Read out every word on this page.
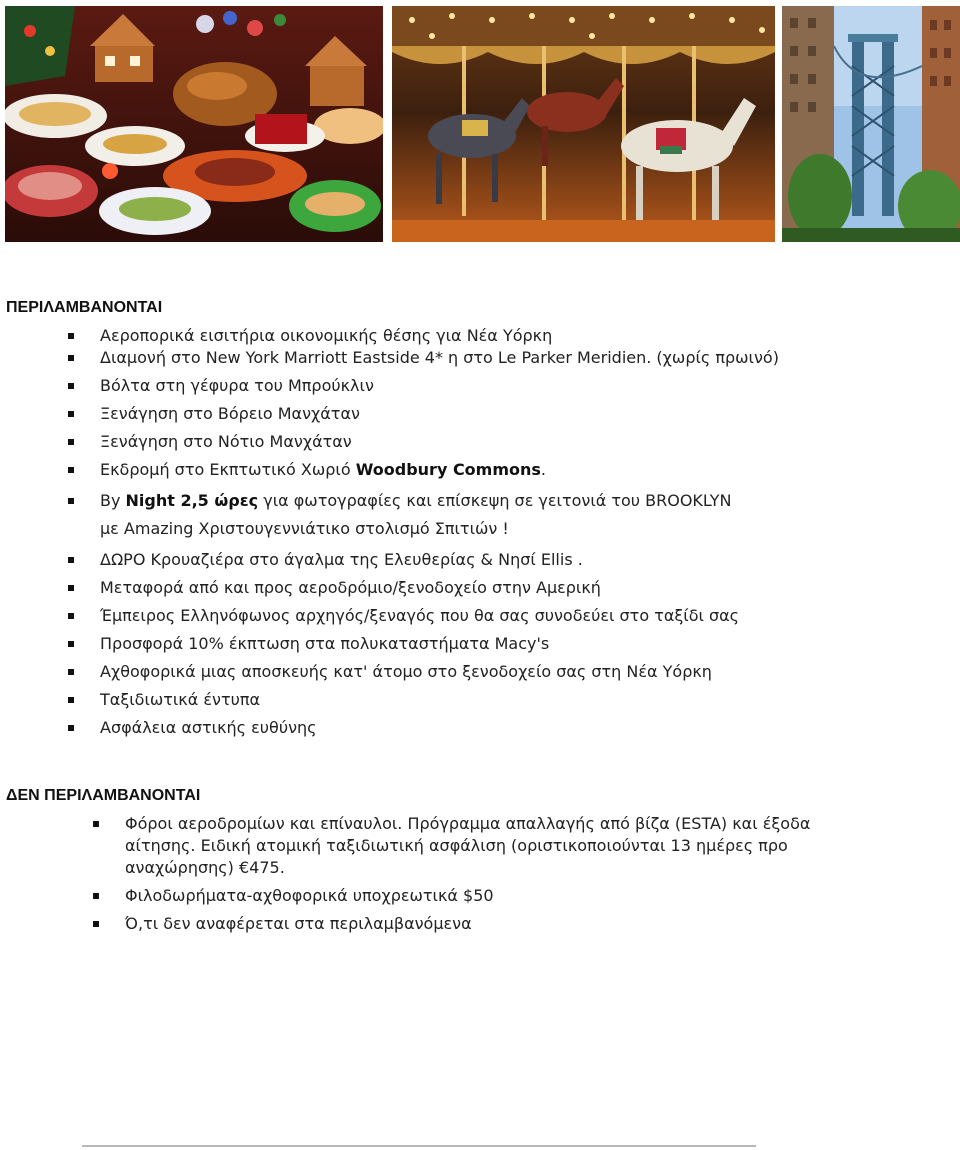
ΠΕΡΙΛΑΜΒΑΝΟΝΤΑΙ
Αεροπορικά εισιτήρια οικονομικής θέσης για Νέα Υόρκη
Διαμονή στο New York Marriott Eastside 4* η στο Le Parker Meridien. (χωρίς πρωινό)
Βόλτα στη γέφυρα του Μπρούκλιν
Ξενάγηση στο Βόρειο Μανχάταν
Ξενάγηση στο Νότιο Μανχάταν
Εκδρομή στο Εκπτωτικό Χωριό Woodbury Commons.
By Night 2,5 ώρες για φωτογραφίες και επίσκεψη σε γειτονιά του BROOKLYN
με Amazing Χριστουγεννιάτικο στολισμό Σπιτιών !
ΔΩΡΟ Κρουαζιέρα στο άγαλμα της Ελευθερίας & Νησί Ellis .
Μεταφορά από και προς αεροδρόμιο/ξενοδοχείο στην Αμερική
Έμπειρος Ελληνόφωνος αρχηγός/ξεναγός που θα σας συνοδεύει στο ταξίδι σας
Προσφορά 10% έκπτωση στα πολυκαταστήματα Macy's
Αχθοφορικά μιας αποσκευής κατ' άτομο στο ξενοδοχείο σας στη Νέα Υόρκη
Ταξιδιωτικά έντυπα
Ασφάλεια αστικής ευθύνης
ΔΕΝ ΠΕΡΙΛΑΜΒΑΝΟΝΤΑΙ
Φόροι αεροδρομίων και επίναυλοι. Πρόγραμμα απαλλαγής από βίζα (ESTA) και έξοδα αίτησης. Ειδική ατομική ταξιδιωτική ασφάλιση (οριστικοποιούνται 13 ημέρες προ αναχώρησης) €475.
Φιλοδωρήματα-αχθοφορικά υποχρεωτικά $50
Ό,τι δεν αναφέρεται στα περιλαμβανόμενα
